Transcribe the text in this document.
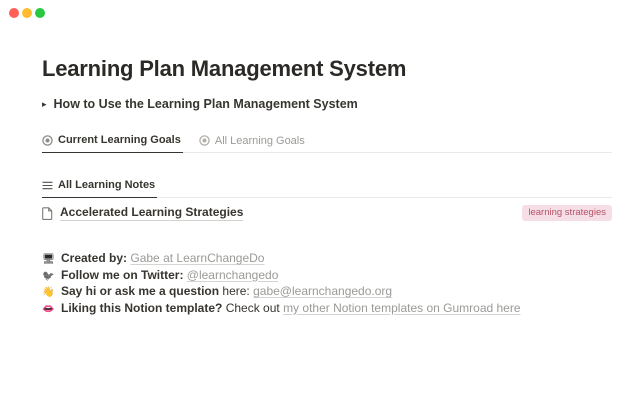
Learning Plan Management System
▸ How to Use the Learning Plan Management System
Current Learning Goals	All Learning Goals
All Learning Notes
Accelerated Learning Strategies	learning strategies
🖥 Created by: Gabe at LearnChangeDo
🐦 Follow me on Twitter: @learnchangedo
👋 Say hi or ask me a question here: gabe@learnchangedo.org
👄 Liking this Notion template? Check out my other Notion templates on Gumroad here
